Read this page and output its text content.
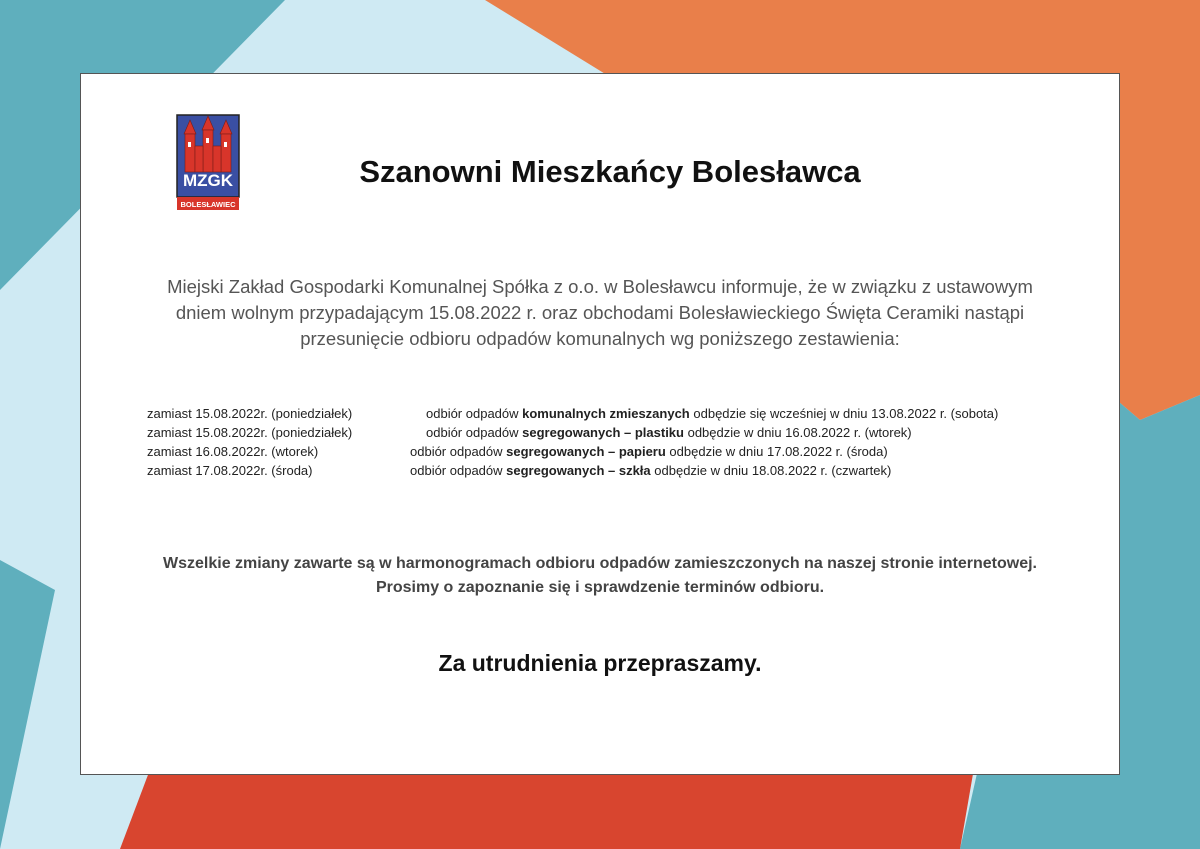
MZGK
BOLESŁAWIEC
Szanowni Mieszkańcy Bolesławca
Miejski Zakład Gospodarki Komunalnej Spółka z o.o. w Bolesławcu informuje, że w związku z ustawowym
dniem wolnym przypadającym 15.08.2022 r. oraz obchodami Bolesławieckiego Święta Ceramiki nastąpi
przesunięcie odbioru odpadów komunalnych wg poniższego zestawienia:
zamiast 15.08.2022r. (poniedziałek)	odbiór odpadów komunalnych zmieszanych odbędzie się wcześniej w dniu 13.08.2022 r. (sobota)
zamiast 15.08.2022r. (poniedziałek)	odbiór odpadów segregowanych – plastiku odbędzie w dniu 16.08.2022 r. (wtorek)
zamiast 16.08.2022r. (wtorek)	odbiór odpadów segregowanych – papieru odbędzie w dniu 17.08.2022 r. (środa)
zamiast 17.08.2022r. (środa)	odbiór odpadów segregowanych – szkła odbędzie w dniu 18.08.2022 r. (czwartek)
Wszelkie zmiany zawarte są w harmonogramach odbioru odpadów zamieszczonych na naszej stronie internetowej.
Prosimy o zapoznanie się i sprawdzenie terminów odbioru.
Za utrudnienia przepraszamy.
